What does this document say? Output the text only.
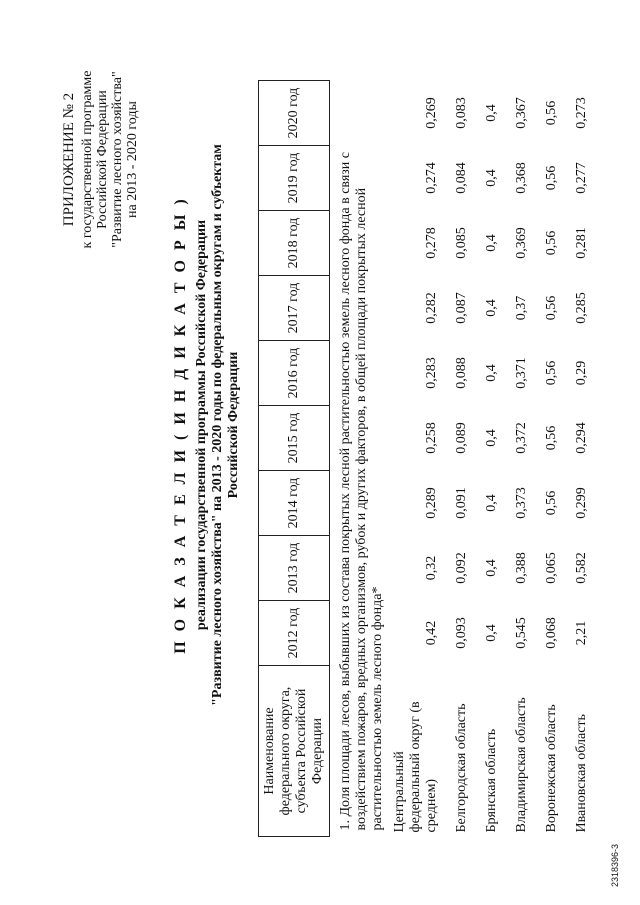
ПРИЛОЖЕНИЕ № 2 к государственной программе Российской Федерации "Развитие лесного хозяйства" на 2013 - 2020 годы
П О К А З А Т Е Л И ( И Н Д И К А Т О Р Ы ) реализации государственной программы Российской Федерации "Развитие лесного хозяйства" на 2013 - 2020 годы по федеральным округам и субъектам Российской Федерации
Наименование федерального округа, субъекта Российской Федерации	2012 год	2013 год	2014 год	2015 год	2016 год	2017 год	2018 год	2019 год	2020 год

1. Доля площади лесов, выбывших из состава покрытых лесной растительностью земель лесного фонда в связи с воздействием пожаров, вредных организмов, рубок и других факторов, в общей площади покрытых лесной растительностью земель лесного фонда*									

Центральный федеральный округ (в среднем)	0,42	0,32	0,289	0,258	0,283	0,282	0,278	0,274	0,269
Белгородская область	0,093	0,092	0,091	0,089	0,088	0,087	0,085	0,084	0,083
Брянская область	0,4	0,4	0,4	0,4	0,4	0,4	0,4	0,4	0,4
Владимирская область	0,545	0,388	0,373	0,372	0,371	0,37	0,369	0,368	0,367
Воронежская область	0,068	0,065	0,56	0,56	0,56	0,56	0,56	0,56	0,56
Ивановская область	2,21	0,582	0,299	0,294	0,29	0,285	0,281	0,277	0,273
2318396-3
